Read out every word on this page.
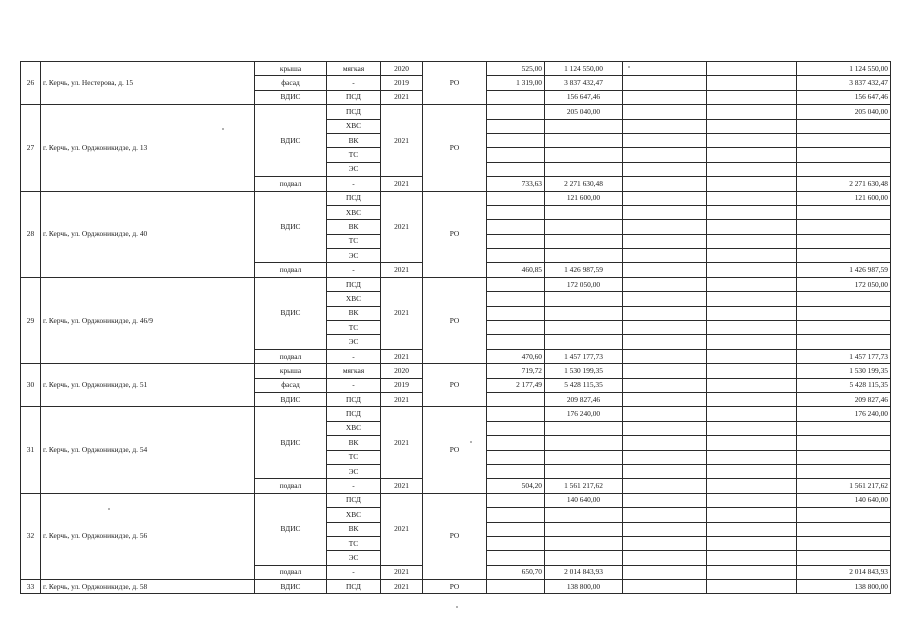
26	г. Керчь, ул. Нестерова, д. 15	крыша	мягкая	2020	РО	525,00	1 124 550,00			1 124 550,00
		фасад	-	2019		1 319,00	3 837 432,47			3 837 432,47
		ВДИС	ПСД	2021			156 647,46			156 647,46
27	г. Керчь, ул. Орджоникидзе, д. 13	ВДИС	ПСД	2021	РО		205 040,00			205 040,00
			ХВС							
			ВК							
			ТС							
			ЭС							
		подвал	-	2021		733,63	2 271 630,48			2 271 630,48
28	г. Керчь, ул. Орджоникидзе, д. 40	ВДИС	ПСД	2021	РО		121 600,00			121 600,00
			ХВС							
			ВК							
			ТС							
			ЭС							
		подвал	-	2021		460,85	1 426 987,59			1 426 987,59
29	г. Керчь, ул. Орджоникидзе, д. 46/9	ВДИС	ПСД	2021	РО		172 050,00			172 050,00
			ХВС							
			ВК							
			ТС							
			ЭС							
		подвал	-	2021		470,60	1 457 177,73			1 457 177,73
30	г. Керчь, ул. Орджоникидзе, д. 51	крыша	мягкая	2020	РО	719,72	1 530 199,35			1 530 199,35
		фасад	-	2019		2 177,49	5 428 115,35			5 428 115,35
		ВДИС	ПСД	2021			209 827,46			209 827,46
31	г. Керчь, ул. Орджоникидзе, д. 54	ВДИС	ПСД	2021	РО		176 240,00			176 240,00
			ХВС							
			ВК							
			ТС							
			ЭС							
		подвал	-	2021		504,20	1 561 217,62			1 561 217,62
32	г. Керчь, ул. Орджоникидзе, д. 56	ВДИС	ПСД	2021	РО		140 640,00			140 640,00
			ХВС							
			ВК							
			ТС							
			ЭС							
		подвал	-	2021		650,70	2 014 843,93			2 014 843,93
33	г. Керчь, ул. Орджоникидзе, д. 58	ВДИС	ПСД	2021	РО		138 800,00			138 800,00
